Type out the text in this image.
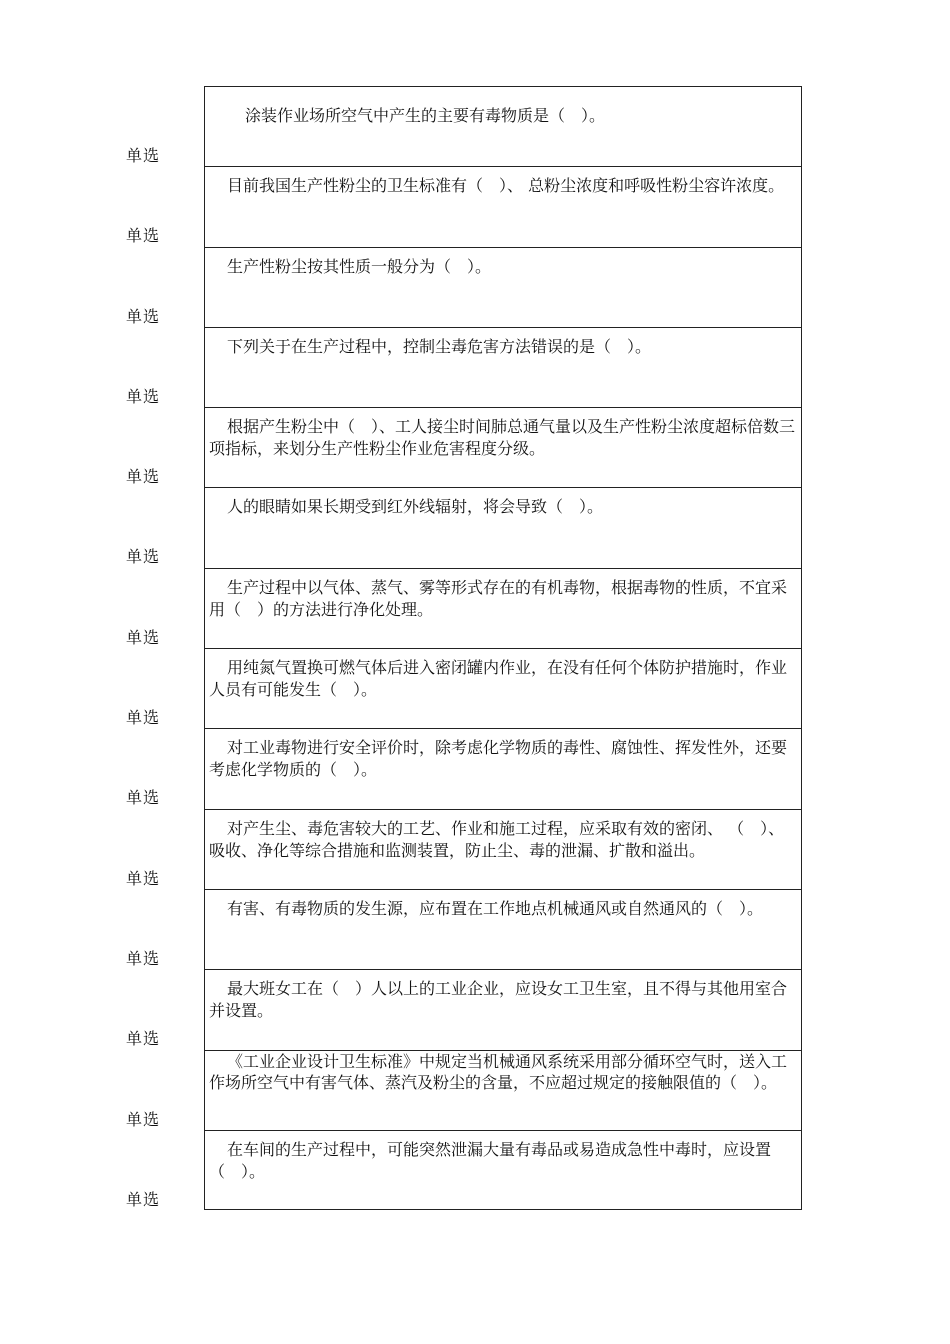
涂装作业场所空气中产生的主要有毒物质是（　）。
单选
目前我国生产性粉尘的卫生标准有（　）、 总粉尘浓度和呼吸性粉尘容许浓度。
单选
生产性粉尘按其性质一般分为（　）。
单选
下列关于在生产过程中，控制尘毒危害方法错误的是（　）。
单选
根据产生粉尘中（　）、工人接尘时间肺总通气量以及生产性粉尘浓度超标倍数三项指标，来划分生产性粉尘作业危害程度分级。
单选
人的眼睛如果长期受到红外线辐射，将会导致（　）。
单选
生产过程中以气体、蒸气、雾等形式存在的有机毒物，根据毒物的性质，不宜采用（　）的方法进行净化处理。
单选
用纯氮气置换可燃气体后进入密闭罐内作业，在没有任何个体防护措施时，作业人员有可能发生（　）。
单选
对工业毒物进行安全评价时，除考虑化学物质的毒性、腐蚀性、挥发性外，还要考虑化学物质的（　）。
单选
对产生尘、毒危害较大的工艺、作业和施工过程，应采取有效的密闭、 （　）、吸收、净化等综合措施和监测装置，防止尘、毒的泄漏、扩散和溢出。
单选
有害、有毒物质的发生源，应布置在工作地点机械通风或自然通风的（　）。
单选
最大班女工在（　）人以上的工业企业，应设女工卫生室，且不得与其他用室合并设置。
单选
《工业企业设计卫生标准》中规定当机械通风系统采用部分循环空气时，送入工作场所空气中有害气体、蒸汽及粉尘的含量，不应超过规定的接触限值的（　）。
单选
在车间的生产过程中，可能突然泄漏大量有毒品或易造成急性中毒时，应设置（　）。
单选
